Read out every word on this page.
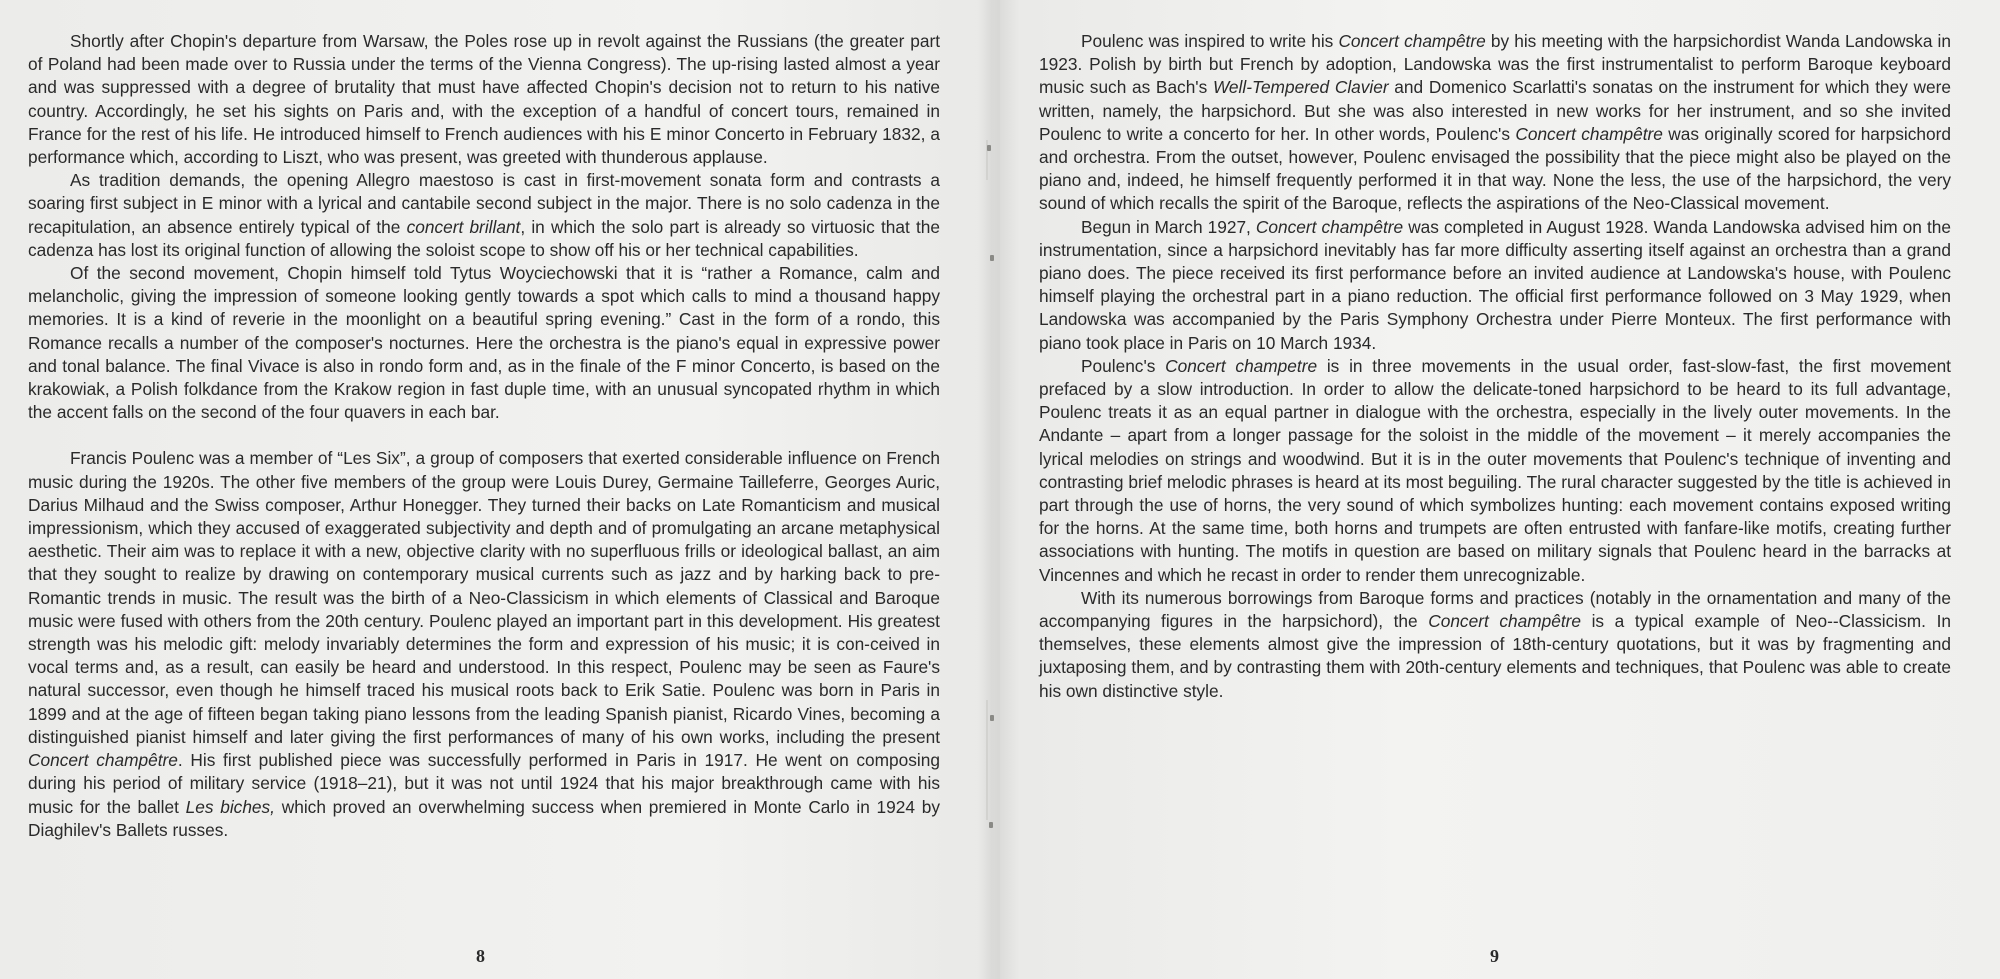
Shortly after Chopin's departure from Warsaw, the Poles rose up in revolt against the Russians (the greater part of Poland had been made over to Russia under the terms of the Vienna Congress). The up-rising lasted almost a year and was suppressed with a degree of brutality that must have affected Chopin's decision not to return to his native country. Accordingly, he set his sights on Paris and, with the exception of a handful of concert tours, remained in France for the rest of his life. He introduced himself to French audiences with his E minor Concerto in February 1832, a performance which, according to Liszt, who was present, was greeted with thunderous applause.

As tradition demands, the opening Allegro maestoso is cast in first-movement sonata form and contrasts a soaring first subject in E minor with a lyrical and cantabile second subject in the major. There is no solo cadenza in the recapitulation, an absence entirely typical of the concert brillant, in which the solo part is already so virtuosic that the cadenza has lost its original function of allowing the soloist scope to show off his or her technical capabilities.

Of the second movement, Chopin himself told Tytus Woyciechowski that it is “rather a Romance, calm and melancholic, giving the impression of someone looking gently towards a spot which calls to mind a thousand happy memories. It is a kind of reverie in the moonlight on a beautiful spring evening.” Cast in the form of a rondo, this Romance recalls a number of the composer's nocturnes. Here the orchestra is the piano's equal in expressive power and tonal balance. The final Vivace is also in rondo form and, as in the finale of the F minor Concerto, is based on the krakowiak, a Polish folkdance from the Krakow region in fast duple time, with an unusual syncopated rhythm in which the accent falls on the second of the four quavers in each bar.

Francis Poulenc was a member of “Les Six”, a group of composers that exerted considerable influence on French music during the 1920s. The other five members of the group were Louis Durey, Germaine Tailleferre, Georges Auric, Darius Milhaud and the Swiss composer, Arthur Honegger. They turned their backs on Late Romanticism and musical impressionism, which they accused of exaggerated subjectivity and depth and of promulgating an arcane metaphysical aesthetic. Their aim was to replace it with a new, objective clarity with no superfluous frills or ideological ballast, an aim that they sought to realize by drawing on contemporary musical currents such as jazz and by harking back to pre-Romantic trends in music. The result was the birth of a Neo-Classicism in which elements of Classical and Baroque music were fused with others from the 20th century. Poulenc played an important part in this development. His greatest strength was his melodic gift: melody invariably determines the form and expression of his music; it is con-ceived in vocal terms and, as a result, can easily be heard and understood. In this respect, Poulenc may be seen as Faure's natural successor, even though he himself traced his musical roots back to Erik Satie. Poulenc was born in Paris in 1899 and at the age of fifteen began taking piano lessons from the leading Spanish pianist, Ricardo Vines, becoming a distinguished pianist himself and later giving the first performances of many of his own works, including the present Concert champêtre. His first published piece was successfully performed in Paris in 1917. He went on composing during his period of military service (1918–21), but it was not until 1924 that his major breakthrough came with his music for the ballet Les biches, which proved an overwhelming success when premiered in Monte Carlo in 1924 by Diaghilev's Ballets russes.

8

Poulenc was inspired to write his Concert champêtre by his meeting with the harpsichordist Wanda Landowska in 1923. Polish by birth but French by adoption, Landowska was the first instrumentalist to perform Baroque keyboard music such as Bach's Well-Tempered Clavier and Domenico Scarlatti's sonatas on the instrument for which they were written, namely, the harpsichord. But she was also interested in new works for her instrument, and so she invited Poulenc to write a concerto for her. In other words, Poulenc's Concert champêtre was originally scored for harpsichord and orchestra. From the outset, however, Poulenc envisaged the possibility that the piece might also be played on the piano and, indeed, he himself frequently performed it in that way. None the less, the use of the harpsichord, the very sound of which recalls the spirit of the Baroque, reflects the aspirations of the Neo-Classical movement.

Begun in March 1927, Concert champêtre was completed in August 1928. Wanda Landowska advised him on the instrumentation, since a harpsichord inevitably has far more difficulty asserting itself against an orchestra than a grand piano does. The piece received its first performance before an invited audience at Landowska's house, with Poulenc himself playing the orchestral part in a piano reduction. The official first performance followed on 3 May 1929, when Landowska was accompanied by the Paris Symphony Orchestra under Pierre Monteux. The first performance with piano took place in Paris on 10 March 1934.

Poulenc's Concert champetre is in three movements in the usual order, fast-slow-fast, the first movement prefaced by a slow introduction. In order to allow the delicate-toned harpsichord to be heard to its full advantage, Poulenc treats it as an equal partner in dialogue with the orchestra, especially in the lively outer movements. In the Andante – apart from a longer passage for the soloist in the middle of the movement – it merely accompanies the lyrical melodies on strings and woodwind. But it is in the outer movements that Poulenc's technique of inventing and contrasting brief melodic phrases is heard at its most beguiling. The rural character suggested by the title is achieved in part through the use of horns, the very sound of which symbolizes hunting: each movement contains exposed writing for the horns. At the same time, both horns and trumpets are often entrusted with fanfare-like motifs, creating further associations with hunting. The motifs in question are based on military signals that Poulenc heard in the barracks at Vincennes and which he recast in order to render them unrecognizable.

With its numerous borrowings from Baroque forms and practices (notably in the ornamentation and many of the accompanying figures in the harpsichord), the Concert champêtre is a typical example of Neo--Classicism. In themselves, these elements almost give the impression of 18th-century quotations, but it was by fragmenting and juxtaposing them, and by contrasting them with 20th-century elements and techniques, that Poulenc was able to create his own distinctive style.

9
